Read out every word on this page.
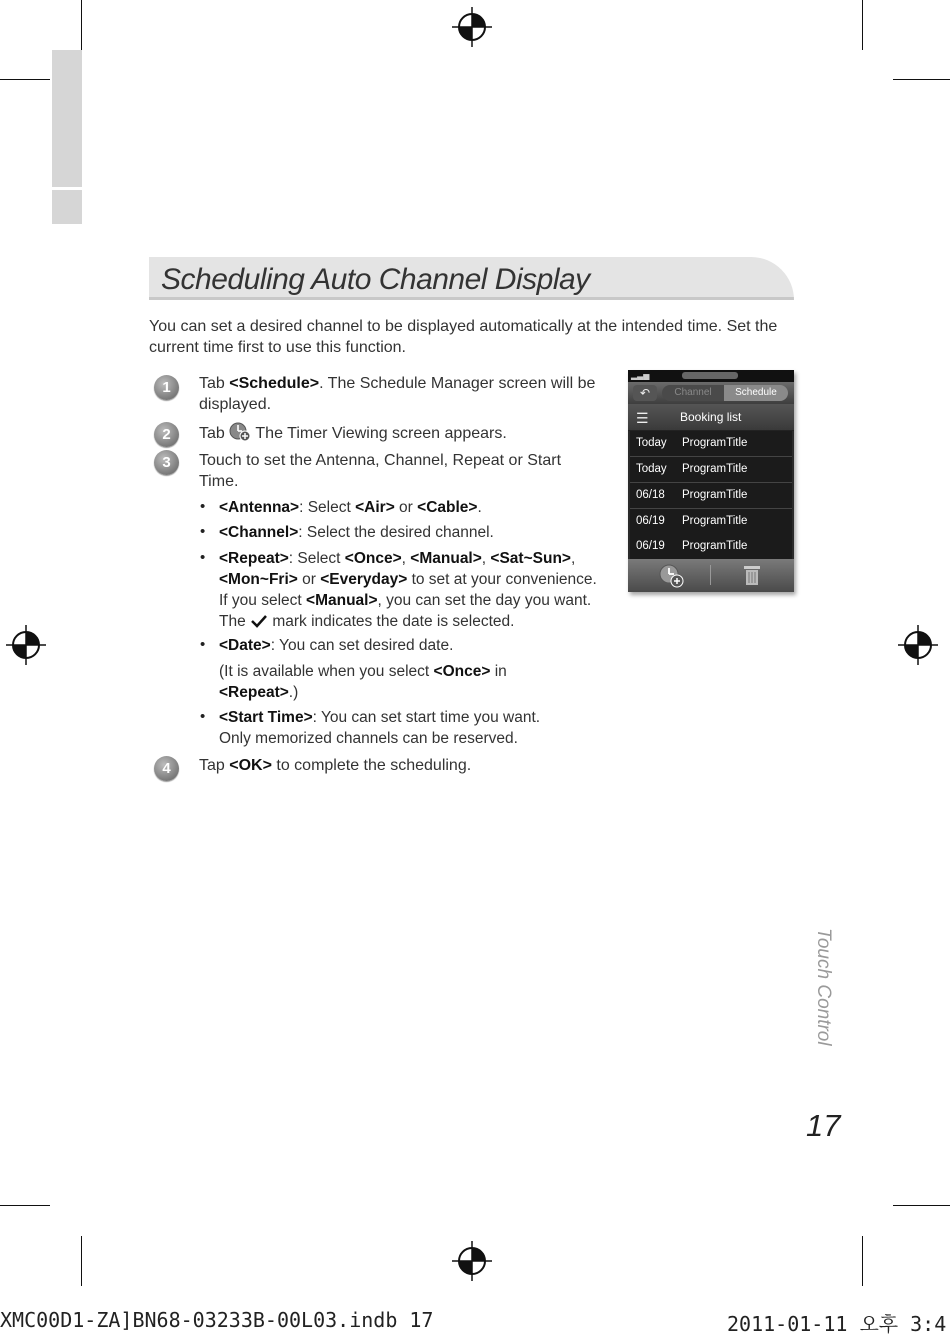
Scheduling Auto Channel Display
You can set a desired channel to be displayed automatically at the intended time. Set the current time first to use this function.
1
2
3
4
Tab <Schedule>. The Schedule Manager screen will be displayed.
Tab  The Timer Viewing screen appears.
Touch to set the Antenna, Channel, Repeat or Start Time.
• <Antenna>: Select <Air> or <Cable>.
• <Channel>: Select the desired channel.
• <Repeat>: Select <Once>, <Manual>, <Sat~Sun>,
<Mon~Fri> or <Everyday> to set at your convenience.
If you select <Manual>, you can set the day you want.
The  mark indicates the date is selected.
• <Date>: You can set desired date.
(It is available when you select <Once> in
<Repeat>.)
• <Start Time>: You can set start time you want.
Only memorized channels can be reserved.
Tap <OK> to complete the scheduling.
▂▃▅
↶	Channel	Schedule
☰	Booking list
Today ProgramTitle
Today ProgramTitle
06/18 ProgramTitle
06/19 ProgramTitle
06/19 ProgramTitle
Touch Control
17
XMC00D1-ZA]BN68-03233B-00L03.indb 17	2011-01-11 오후 3:4
